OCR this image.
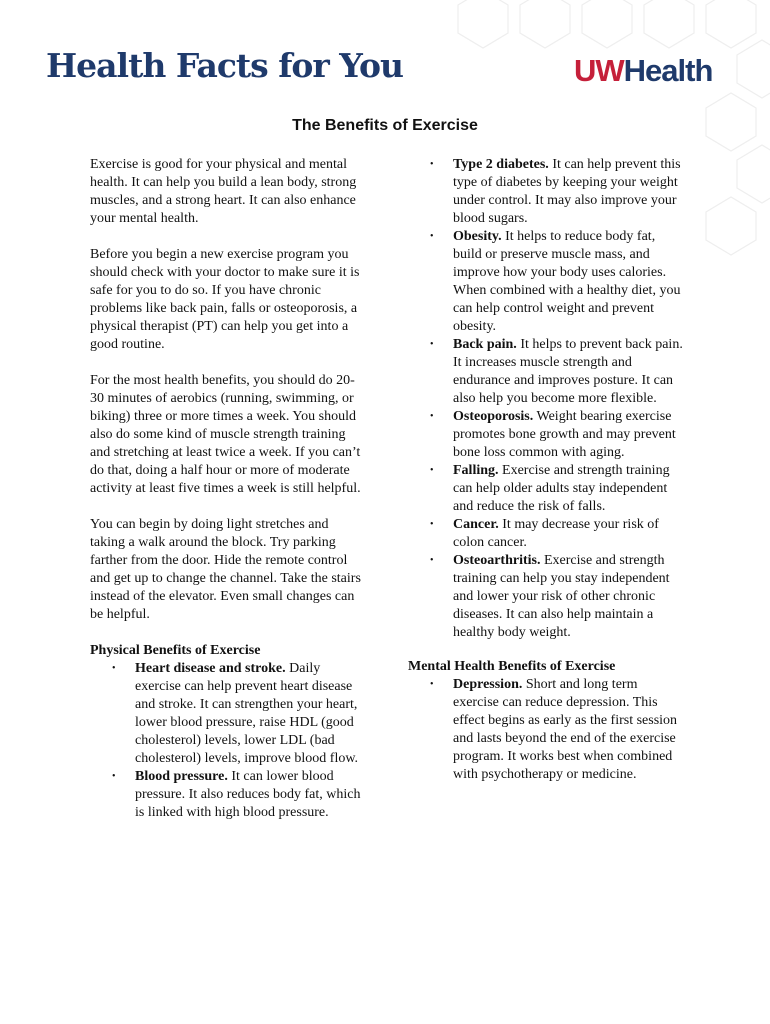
Health Facts for You	UWHealth
The Benefits of Exercise

Exercise is good for your physical and mental health. It can help you build a lean body, strong muscles, and a strong heart. It can also enhance your mental health.

Before you begin a new exercise program you should check with your doctor to make sure it is safe for you to do so. If you have chronic problems like back pain, falls or osteoporosis, a physical therapist (PT) can help you get into a good routine.

For the most health benefits, you should do 20-30 minutes of aerobics (running, swimming, or biking) three or more times a week. You should also do some kind of muscle strength training and stretching at least twice a week. If you can’t do that, doing a half hour or more of moderate activity at least five times a week is still helpful.

You can begin by doing light stretches and taking a walk around the block. Try parking farther from the door. Hide the remote control and get up to change the channel. Take the stairs instead of the elevator. Even small changes can be helpful.

Physical Benefits of Exercise
• Heart disease and stroke. Daily exercise can help prevent heart disease and stroke. It can strengthen your heart, lower blood pressure, raise HDL (good cholesterol) levels, lower LDL (bad cholesterol) levels, improve blood flow.
• Blood pressure. It can lower blood pressure. It also reduces body fat, which is linked with high blood pressure.
• Type 2 diabetes. It can help prevent this type of diabetes by keeping your weight under control. It may also improve your blood sugars.
• Obesity. It helps to reduce body fat, build or preserve muscle mass, and improve how your body uses calories. When combined with a healthy diet, you can help control weight and prevent obesity.
• Back pain. It helps to prevent back pain. It increases muscle strength and endurance and improves posture. It can also help you become more flexible.
• Osteoporosis. Weight bearing exercise promotes bone growth and may prevent bone loss common with aging.
• Falling. Exercise and strength training can help older adults stay independent and reduce the risk of falls.
• Cancer. It may decrease your risk of colon cancer.
• Osteoarthritis. Exercise and strength training can help you stay independent and lower your risk of other chronic diseases. It can also help maintain a healthy body weight.
Mental Health Benefits of Exercise
• Depression. Short and long term exercise can reduce depression. This effect begins as early as the first session and lasts beyond the end of the exercise program. It works best when combined with psychotherapy or medicine.
